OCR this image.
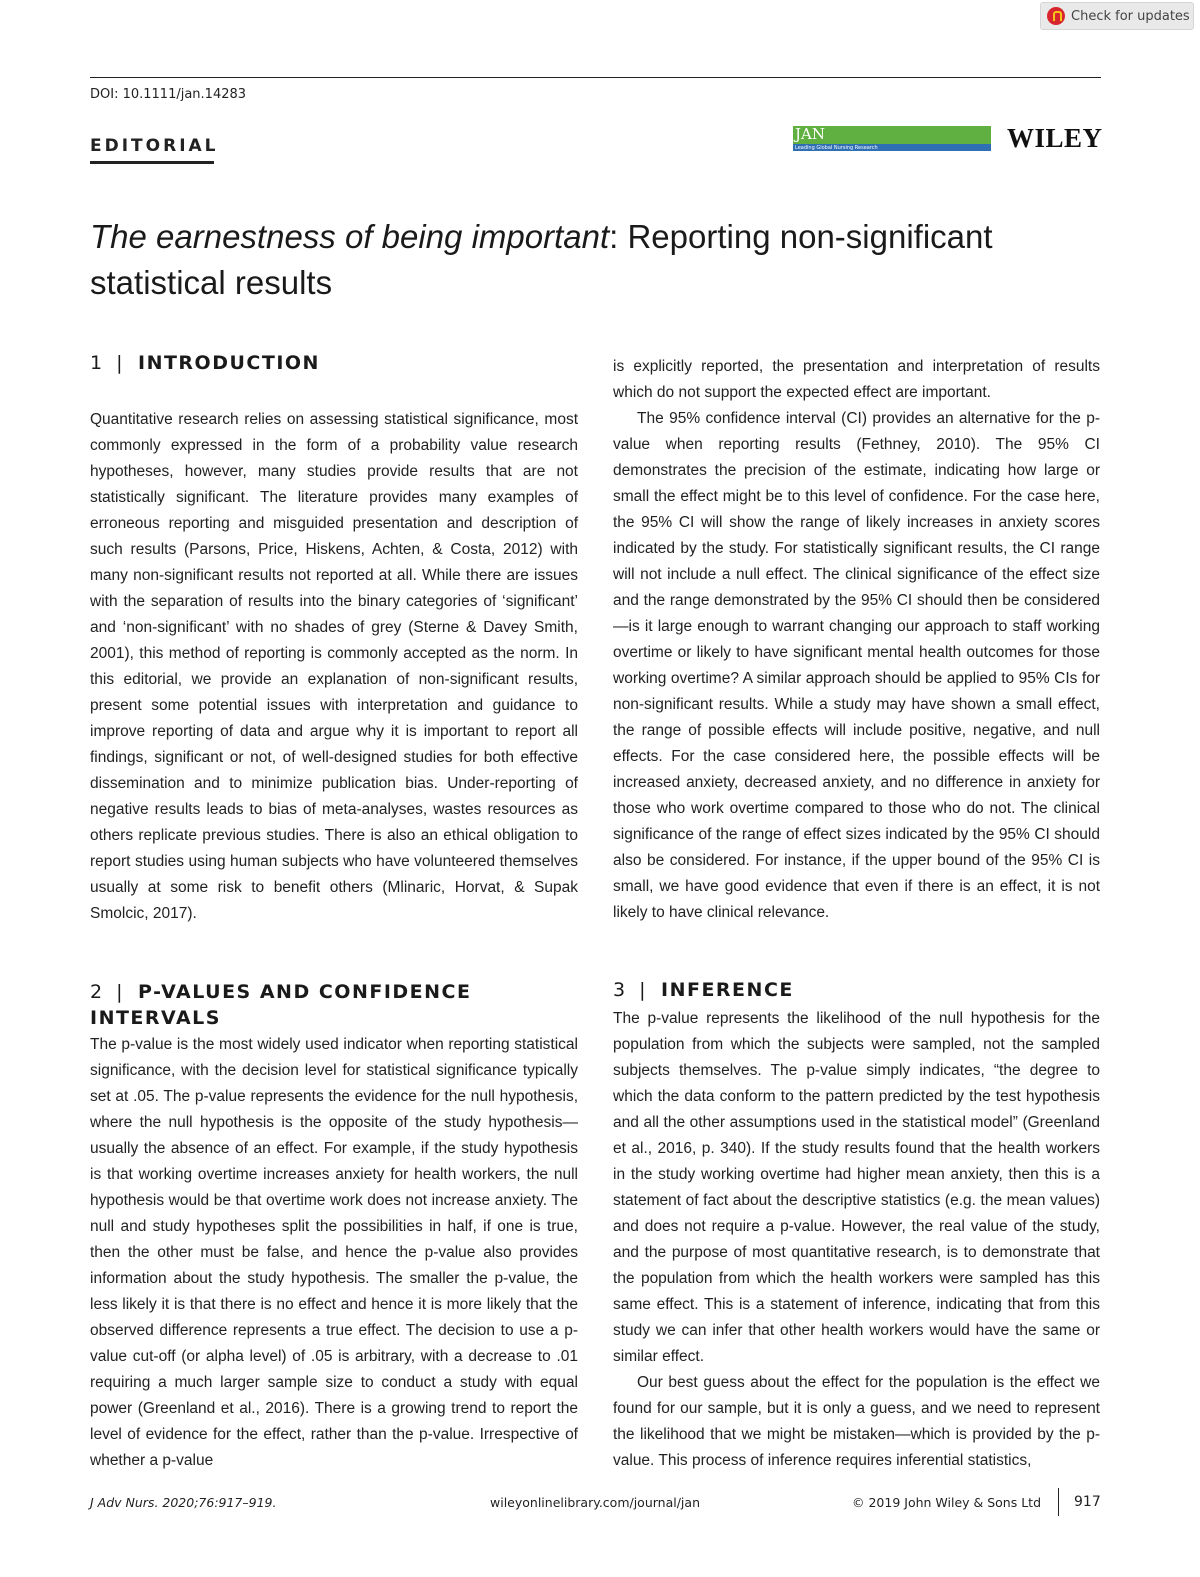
Check for updates
DOI: 10.1111/jan.14283
EDITORIAL
JAN
Leading Global Nursing Research	WILEY
The earnestness of being important: Reporting non-significant statistical results
1 | INTRODUCTION

Quantitative research relies on assessing statistical significance, most commonly expressed in the form of a probability value research hypotheses, however, many studies provide results that are not statistically significant. The literature provides many examples of erroneous reporting and misguided presentation and description of such results (Parsons, Price, Hiskens, Achten, & Costa, 2012) with many non-significant results not reported at all. While there are issues with the separation of results into the binary categories of ‘significant’ and ‘non-significant’ with no shades of grey (Sterne & Davey Smith, 2001), this method of reporting is commonly accepted as the norm. In this editorial, we provide an explanation of non-significant results, present some potential issues with interpretation and guidance to improve reporting of data and argue why it is important to report all findings, significant or not, of well-designed studies for both effective dissemination and to minimize publication bias. Under-reporting of negative results leads to bias of meta-analyses, wastes resources as others replicate previous studies. There is also an ethical obligation to report studies using human subjects who have volunteered themselves usually at some risk to benefit others (Mlinaric, Horvat, & Supak Smolcic, 2017).

2 | P-VALUES AND CONFIDENCE INTERVALS

The p-value is the most widely used indicator when reporting statistical significance, with the decision level for statistical significance typically set at .05. The p-value represents the evidence for the null hypothesis, where the null hypothesis is the opposite of the study hypothesis—usually the absence of an effect. For example, if the study hypothesis is that working overtime increases anxiety for health workers, the null hypothesis would be that overtime work does not increase anxiety. The null and study hypotheses split the possibilities in half, if one is true, then the other must be false, and hence the p-value also provides information about the study hypothesis. The smaller the p-value, the less likely it is that there is no effect and hence it is more likely that the observed difference represents a true effect. The decision to use a p-value cut-off (or alpha level) of .05 is arbitrary, with a decrease to .01 requiring a much larger sample size to conduct a study with equal power (Greenland et al., 2016). There is a growing trend to report the level of evidence for the effect, rather than the p-value. Irrespective of whether a p-value

is explicitly reported, the presentation and interpretation of results which do not support the expected effect are important.

The 95% confidence interval (CI) provides an alternative for the p-value when reporting results (Fethney, 2010). The 95% CI demonstrates the precision of the estimate, indicating how large or small the effect might be to this level of confidence. For the case here, the 95% CI will show the range of likely increases in anxiety scores indicated by the study. For statistically significant results, the CI range will not include a null effect. The clinical significance of the effect size and the range demonstrated by the 95% CI should then be considered—is it large enough to warrant changing our approach to staff working overtime or likely to have significant mental health outcomes for those working overtime? A similar approach should be applied to 95% CIs for non-significant results. While a study may have shown a small effect, the range of possible effects will include positive, negative, and null effects. For the case considered here, the possible effects will be increased anxiety, decreased anxiety, and no difference in anxiety for those who work overtime compared to those who do not. The clinical significance of the range of effect sizes indicated by the 95% CI should also be considered. For instance, if the upper bound of the 95% CI is small, we have good evidence that even if there is an effect, it is not likely to have clinical relevance.

3 | INFERENCE

The p-value represents the likelihood of the null hypothesis for the population from which the subjects were sampled, not the sampled subjects themselves. The p-value simply indicates, “the degree to which the data conform to the pattern predicted by the test hypothesis and all the other assumptions used in the statistical model” (Greenland et al., 2016, p. 340). If the study results found that the health workers in the study working overtime had higher mean anxiety, then this is a statement of fact about the descriptive statistics (e.g. the mean values) and does not require a p-value. However, the real value of the study, and the purpose of most quantitative research, is to demonstrate that the population from which the health workers were sampled has this same effect. This is a statement of inference, indicating that from this study we can infer that other health workers would have the same or similar effect.

Our best guess about the effect for the population is the effect we found for our sample, but it is only a guess, and we need to represent the likelihood that we might be mistaken—which is provided by the p-value. This process of inference requires inferential statistics,

J Adv Nurs. 2020;76:917–919.	wileyonlinelibrary.com/journal/jan	© 2019 John Wiley & Sons Ltd 917
